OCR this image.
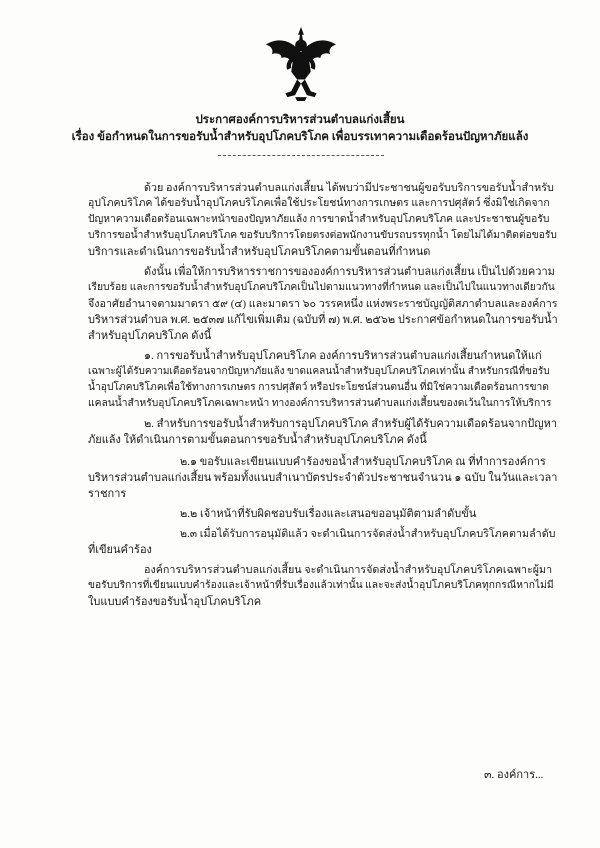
ประกาศองค์การบริหารส่วนตำบลแก่งเสี้ยน
เรื่อง ข้อกำหนดในการขอรับน้ำสำหรับอุปโภคบริโภค เพื่อบรรเทาความเดือดร้อนปัญหาภัยแล้ง
ด้วย องค์การบริหารส่วนตำบลแก่งเสี้ยน ได้พบว่ามีประชาชนผู้ขอรับบริการขอรับน้ำสำหรับ
อุปโภคบริโภค ได้ขอรับน้ำอุปโภคบริโภคเพื่อใช้ประโยชน์ทางการเกษตร และการปศุสัตว์ ซึ่งมิใช่เกิดจาก
ปัญหาความเดือดร้อนเฉพาะหน้าของปัญหาภัยแล้ง การขาดน้ำสำหรับอุปโภคบริโภค และประชาชนผู้ขอรับ
บริการขอน้ำสำหรับอุปโภคบริโภค ขอรับบริการโดยตรงต่อพนักงานขับรถบรรทุกน้ำ โดยไม่ได้มาติดต่อขอรับ
บริการและดำเนินการขอรับน้ำสำหรับอุปโภคบริโภคตามขั้นตอนที่กำหนด
ดังนั้น เพื่อให้การบริหารราชการขององค์การบริหารส่วนตำบลแก่งเสี้ยน เป็นไปด้วยความ
เรียบร้อย และการขอรับน้ำสำหรับอุปโภคบริโภคเป็นไปตามแนวทางที่กำหนด และเป็นไปในแนวทางเดียวกัน
จึงอาศัยอำนาจตามมาตรา ๕๙ (๔) และมาตรา ๖๐ วรรคหนึ่ง แห่งพระราชบัญญัติสภาตำบลและองค์การ
บริหารส่วนตำบล พ.ศ. ๒๕๓๗ แก้ไขเพิ่มเติม (ฉบับที่ ๗) พ.ศ. ๒๕๖๒ ประกาศข้อกำหนดในการขอรับน้ำ
สำหรับอุปโภคบริโภค ดังนี้
๑. การขอรับน้ำสำหรับอุปโภคบริโภค องค์การบริหารส่วนตำบลแก่งเสี้ยนกำหนดให้แก่
เฉพาะผู้ได้รับความเดือดร้อนจากปัญหาภัยแล้ง ขาดแคลนน้ำสำหรับอุปโภคบริโภคเท่านั้น สำหรับกรณีที่ขอรับ
น้ำอุปโภคบริโภคเพื่อใช้ทางการเกษตร การปศุสัตว์ หรือประโยชน์ส่วนตนอื่น ที่มิใช่ความเดือดร้อนการขาด
แคลนน้ำสำหรับอุปโภคบริโภคเฉพาะหน้า ทางองค์การบริหารส่วนตำบลแก่งเสี้ยนของดเว้นในการให้บริการ
๒. สำหรับการขอรับน้ำสำหรับการอุปโภคบริโภค สำหรับผู้ได้รับความเดือดร้อนจากปัญหา
ภัยแล้ง ให้ดำเนินการตามขั้นตอนการขอรับน้ำสำหรับอุปโภคบริโภค ดังนี้
๒.๑ ขอรับและเขียนแบบคำร้องขอน้ำสำหรับอุปโภคบริโภค ณ ที่ทำการองค์การ
บริหารส่วนตำบลแก่งเสี้ยน พร้อมทั้งแนบสำเนาบัตรประจำตัวประชาชนจำนวน ๑ ฉบับ ในวันและเวลา
ราชการ
๒.๒ เจ้าหน้าที่รับผิดชอบรับเรื่องและเสนอขออนุมัติตามลำดับขั้น
๒.๓ เมื่อได้รับการอนุมัติแล้ว จะดำเนินการจัดส่งน้ำสำหรับอุปโภคบริโภคตามลำดับ
ที่เขียนคำร้อง
องค์การบริหารส่วนตำบลแก่งเสี้ยน จะดำเนินการจัดส่งน้ำสำหรับอุปโภคบริโภคเฉพาะผู้มา
ขอรับบริการที่เขียนแบบคำร้องและเจ้าหน้าที่รับเรื่องแล้วเท่านั้น และจะส่งน้ำอุปโภคบริโภคทุกกรณีหากไม่มี
ใบแบบคำร้องขอรับน้ำอุปโภคบริโภค
๓. องค์การ...
